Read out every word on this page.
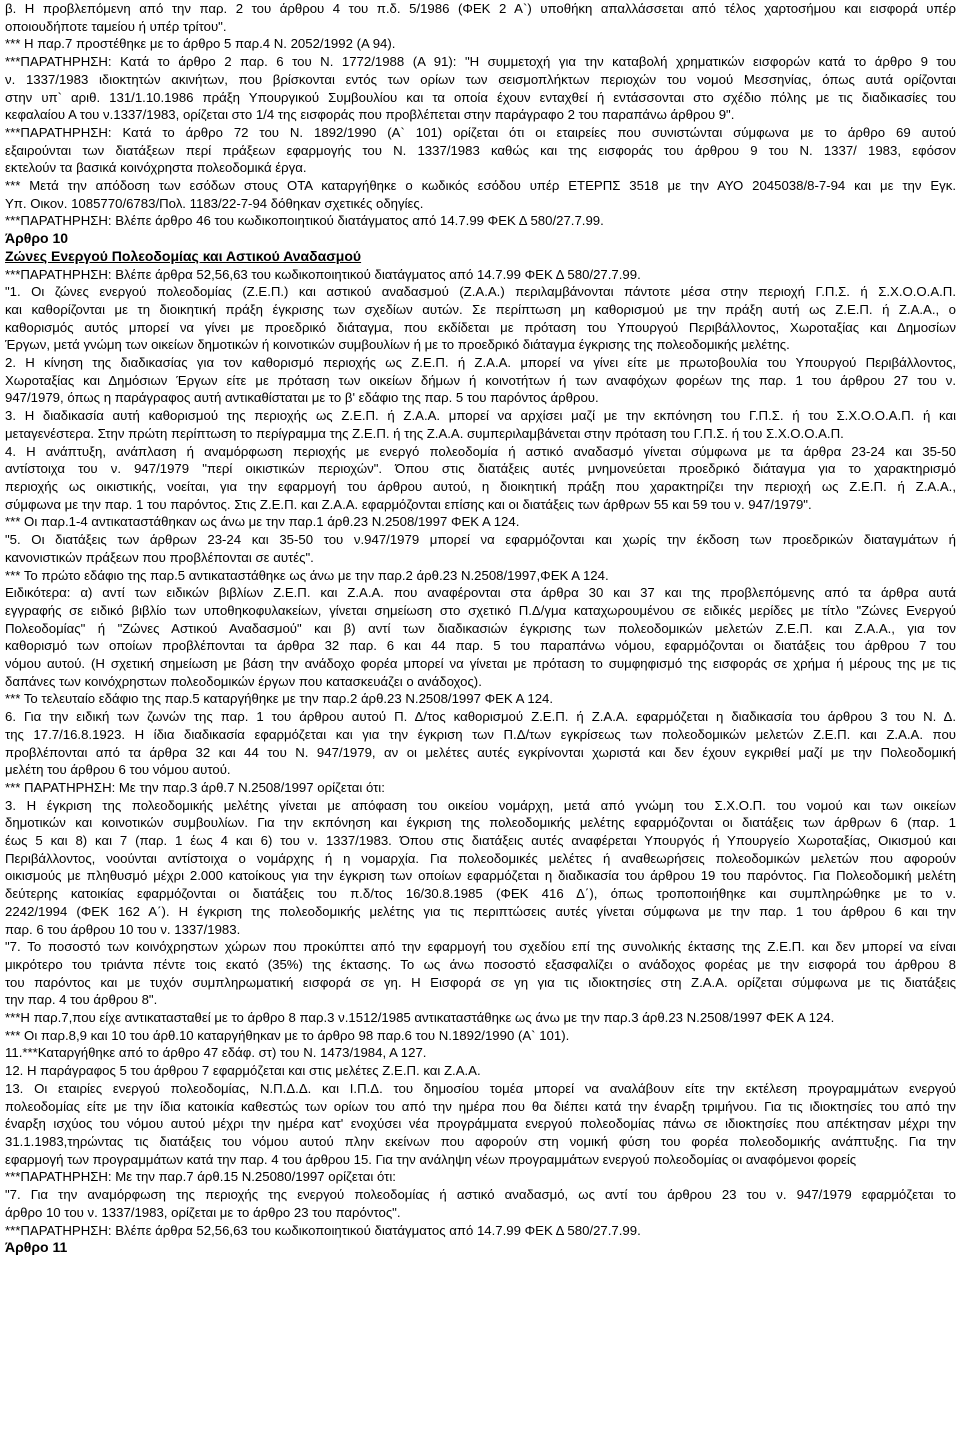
β. Η προβλεπόμενη από την παρ. 2 του άρθρου 4 του π.δ. 5/1986 (ΦΕΚ 2 Α`) υποθήκη απαλλάσσεται από τέλος χαρτοσήμου και εισφορά υπέρ
οποιουδήποτε ταμείου ή υπέρ τρίτου".
*** Η παρ.7 προστέθηκε με το άρθρο 5 παρ.4 Ν. 2052/1992 (Α 94).
***ΠΑΡΑΤΗΡΗΣΗ: Κατά το άρθρο 2 παρ. 6 του Ν. 1772/1988 (Α 91): "Η συμμετοχή για την καταβολή χρηματικών εισφορών κατά το άρθρο 9 του
ν. 1337/1983 ιδιοκτητών ακινήτων, που βρίσκονται εντός των ορίων των σεισμοπλήκτων περιοχών του νομού Μεσσηνίας, όπως αυτά ορίζονται
στην υπ` αριθ. 131/1.10.1986 πράξη Υπουργικού Συμβουλίου και τα οποία έχουν ενταχθεί ή εντάσσονται στο σχέδιο πόλης με τις διαδικασίες του
κεφαλαίου Α του ν.1337/1983, ορίζεται στο 1/4 της εισφοράς που προβλέπεται στην παράγραφο 2 του παραπάνω άρθρου 9".
***ΠΑΡΑΤΗΡΗΣΗ: Κατά το άρθρο 72 του Ν. 1892/1990 (Α` 101) ορίζεται ότι οι εταιρείες που συνιστώνται σύμφωνα με το άρθρο 69 αυτού
εξαιρούνται των διατάξεων περί πράξεων εφαρμογής του Ν. 1337/1983 καθώς και της εισφοράς του άρθρου 9 του Ν. 1337/ 1983, εφόσον
εκτελούν τα βασικά κοινόχρηστα πολεοδομικά έργα.
*** Μετά την απόδοση των εσόδων στους ΟΤΑ καταργήθηκε ο κωδικός εσόδου υπέρ ΕΤΕΡΠΣ 3518 με την ΑΥΟ 2045038/8-7-94 και με την Εγκ.
Υπ. Οικον. 1085770/6783/Πολ. 1183/22-7-94 δόθηκαν σχετικές οδηγίες.
***ΠΑΡΑΤΗΡΗΣΗ: Βλέπε άρθρο 46 του κωδικοποιητικού διατάγματος από 14.7.99 ΦΕΚ Δ 580/27.7.99.
Άρθρο 10
Ζώνες Ενεργού Πολεοδομίας και Αστικού Αναδασμού
***ΠΑΡΑΤΗΡΗΣΗ: Βλέπε άρθρα 52,56,63 του κωδικοποιητικού διατάγματος από 14.7.99 ΦΕΚ Δ 580/27.7.99.
"1. Οι ζώνες ενεργού πολεοδομίας (Ζ.Ε.Π.) και αστικού αναδασμού (Ζ.Α.Α.) περιλαμβάνονται πάντοτε μέσα στην περιοχή Γ.Π.Σ. ή Σ.Χ.Ο.Ο.Α.Π.
και καθορίζονται με τη διοικητική πράξη έγκρισης των σχεδίων αυτών. Σε περίπτωση μη καθορισμού με την πράξη αυτή ως Ζ.Ε.Π. ή Ζ.Α.Α., ο
καθορισμός αυτός μπορεί να γίνει με προεδρικό διάταγμα, που εκδίδεται με πρόταση του Υπουργού Περιβάλλοντος, Χωροταξίας και Δημοσίων
Έργων, μετά γνώμη των οικείων δημοτικών ή κοινοτικών συμβουλίων ή με το προεδρικό διάταγμα έγκρισης της πολεοδομικής μελέτης.
2. Η κίνηση της διαδικασίας για τον καθορισμό περιοχής ως Ζ.Ε.Π. ή Ζ.Α.Α. μπορεί να γίνει είτε με πρωτοβουλία του Υπουργού Περιβάλλοντος,
Χωροταξίας και Δημόσιων Έργων είτε με πρόταση των οικείων δήμων ή κοινοτήτων ή των αναφόχων φορέων της παρ. 1 του άρθρου 27 του ν.
947/1979, όπως η παράγραφος αυτή αντικαθίσταται με το β' εδάφιο της παρ. 5 του παρόντος άρθρου.
3. Η διαδικασία αυτή καθορισμού της περιοχής ως Ζ.Ε.Π. ή Ζ.Α.Α. μπορεί να αρχίσει μαζί με την εκπόνηση του Γ.Π.Σ. ή του Σ.Χ.Ο.Ο.Α.Π. ή και
μεταγενέστερα. Στην πρώτη περίπτωση το περίγραμμα της Ζ.Ε.Π. ή της Ζ.Α.Α. συμπεριλαμβάνεται στην πρόταση του Γ.Π.Σ. ή του Σ.Χ.Ο.Ο.Α.Π.
4. Η ανάπτυξη, ανάπλαση ή αναμόρφωση περιοχής με ενεργό πολεοδομία ή αστικό αναδασμό γίνεται σύμφωνα με τα άρθρα 23-24 και 35-50
αντίστοιχα του ν. 947/1979 "περί οικιστικών περιοχών". Όπου στις διατάξεις αυτές μνημονεύεται προεδρικό διάταγμα για το χαρακτηρισμό
περιοχής ως οικιστικής, νοείται, για την εφαρμογή του άρθρου αυτού, η διοικητική πράξη που χαρακτηρίζει την περιοχή ως Ζ.Ε.Π. ή Ζ.Α.Α.,
σύμφωνα με την παρ. 1 του παρόντος. Στις Ζ.Ε.Π. και Ζ.Α.Α. εφαρμόζονται επίσης και οι διατάξεις των άρθρων 55 και 59 του ν. 947/1979".
*** Οι παρ.1-4 αντικαταστάθηκαν ως άνω με την παρ.1 άρθ.23 Ν.2508/1997 ΦΕΚ Α 124.
"5. Οι διατάξεις των άρθρων 23-24 και 35-50 του ν.947/1979 μπορεί να εφαρμόζονται και χωρίς την έκδοση των προεδρικών διαταγμάτων ή
κανονιστικών πράξεων που προβλέπονται σε αυτές".
*** Το πρώτο εδάφιο της παρ.5 αντικαταστάθηκε ως άνω με την παρ.2 άρθ.23 Ν.2508/1997,ΦΕΚ Α 124.
Ειδικότερα: α) αντί των ειδικών βιβλίων Ζ.Ε.Π. και Ζ.Α.Α. που αναφέρονται στα άρθρα 30 και 37 και της προβλεπόμενης από τα άρθρα αυτά
εγγραφής σε ειδικό βιβλίο των υποθηκοφυλακείων, γίνεται σημείωση στο σχετικό Π.Δ/γμα καταχωρουμένου σε ειδικές μερίδες με τίτλο "Ζώνες Ενεργού
Πολεοδομίας" ή "Ζώνες Αστικού Αναδασμού" και β) αντί των διαδικασιών έγκρισης των πολεοδομικών μελετών Ζ.Ε.Π. και Ζ.Α.Α., για τον
καθορισμό των οποίων προβλέπονται τα άρθρα 32 παρ. 6 και 44 παρ. 5 του παραπάνω νόμου, εφαρμόζονται οι διατάξεις του άρθρου 7 του
νόμου αυτού. (Η σχετική σημείωση με βάση την ανάδοχο φορέα μπορεί να γίνεται με πρόταση το συμφηφισμό της εισφοράς σε χρήμα ή μέρους της με τις
δαπάνες των κοινόχρηστων πολεοδομικών έργων που κατασκευάζει ο ανάδοχος).
*** Το τελευταίο εδάφιο της παρ.5 καταργήθηκε με την παρ.2 άρθ.23 Ν.2508/1997 ΦΕΚ Α 124.
6. Για την ειδική των ζωνών της παρ. 1 του άρθρου αυτού Π. Δ/τος καθορισμού Ζ.Ε.Π. ή Ζ.Α.Α. εφαρμόζεται η διαδικασία του άρθρου 3 του Ν. Δ.
της 17.7/16.8.1923. Η ίδια διαδικασία εφαρμόζεται και για την έγκριση των Π.Δ/των εγκρίσεως των πολεοδομικών μελετών Ζ.Ε.Π. και Ζ.Α.Α. που
προβλέπονται από τα άρθρα 32 και 44 του Ν. 947/1979, αν οι μελέτες αυτές εγκρίνονται χωριστά και δεν έχουν εγκριθεί μαζί με την Πολεοδομική
μελέτη του άρθρου 6 του νόμου αυτού.
*** ΠΑΡΑΤΗΡΗΣΗ: Με την παρ.3 άρθ.7 Ν.2508/1997 ορίζεται ότι:
3. Η έγκριση της πολεοδομικής μελέτης γίνεται με απόφαση του οικείου νομάρχη, μετά από γνώμη του Σ.Χ.Ο.Π. του νομού και των οικείων
δημοτικών και κοινοτικών συμβουλίων. Για την εκπόνηση και έγκριση της πολεοδομικής μελέτης εφαρμόζονται οι διατάξεις των άρθρων 6 (παρ. 1
έως 5 και 8) και 7 (παρ. 1 έως 4 και 6) του ν. 1337/1983. Όπου στις διατάξεις αυτές αναφέρεται Υπουργός ή Υπουργείο Χωροταξίας, Οικισμού και
Περιβάλλοντος, νοούνται αντίστοιχα ο νομάρχης ή η νομαρχία. Για πολεοδομικές μελέτες ή αναθεωρήσεις πολεοδομικών μελετών που αφορούν
οικισμούς με πληθυσμό μέχρι 2.000 κατοίκους για την έγκριση των οποίων εφαρμόζεται η διαδικασία του άρθρου 19 του παρόντος. Για Πολεοδομική μελέτη
δεύτερης κατοικίας εφαρμόζονται οι διατάξεις του π.δ/τος 16/30.8.1985 (ΦΕΚ 416 Δ΄), όπως τροποποιήθηκε και συμπληρώθηκε με το ν.
2242/1994 (ΦΕΚ 162 Α΄). Η έγκριση της πολεοδομικής μελέτης για τις περιπτώσεις αυτές γίνεται σύμφωνα με την παρ. 1 του άρθρου 6 και την
παρ. 6 του άρθρου 10 του ν. 1337/1983.
"7. Το ποσοστό των κοινόχρηστων χώρων που προκύπτει από την εφαρμογή του σχεδίου επί της συνολικής έκτασης της Ζ.Ε.Π. και δεν μπορεί να είναι
μικρότερο του τριάντα πέντε τοις εκατό (35%) της έκτασης. Το ως άνω ποσοστό εξασφαλίζει ο ανάδοχος φορέας με την εισφορά του άρθρου 8
του παρόντος και με τυχόν συμπληρωματική εισφορά σε γη. Η Εισφορά σε γη για τις ιδιοκτησίες στη Ζ.Α.Α. ορίζεται σύμφωνα με τις διατάξεις
την παρ. 4 του άρθρου 8".
***Η παρ.7,που είχε αντικατασταθεί με το άρθρο 8 παρ.3 ν.1512/1985 αντικαταστάθηκε ως άνω με την παρ.3 άρθ.23 Ν.2508/1997 ΦΕΚ Α 124.
*** Οι παρ.8,9 και 10 του άρθ.10 καταργήθηκαν με το άρθρο 98 παρ.6 του Ν.1892/1990 (Α` 101).
11.***Καταργήθηκε από το άρθρο 47 εδάφ. στ) του Ν. 1473/1984, Α 127.
12. Η παράγραφος 5 του άρθρου 7 εφαρμόζεται και στις μελέτες Ζ.Ε.Π. και Ζ.Α.Α.
13. Οι εταιρίες ενεργού πολεοδομίας, Ν.Π.Δ.Δ. και Ι.Π.Δ. του δημοσίου τομέα μπορεί να αναλάβουν είτε την εκτέλεση προγραμμάτων ενεργού
πολεοδομίας είτε με την ίδια κατοικία καθεστώς των ορίων του από την ημέρα που θα διέπει κατά την έναρξη τριμήνου. Για τις ιδιοκτησίες του από την
έναρξη ισχύος του νόμου αυτού μέχρι την ημέρα κατ' ενοχύσει νέα προγράμματα ενεργού πολεοδομίας πάνω σε ιδιοκτησίες που απέκτησαν μέχρι την
31.1.1983,τηρώντας τις διατάξεις του νόμου αυτού πλην εκείνων που αφορούν στη νομική φύση του φορέα πολεοδομικής ανάπτυξης. Για την
εφαρμογή των προγραμμάτων κατά την παρ. 4 του άρθρου 15. Για την ανάληψη νέων προγραμμάτων ενεργού πολεοδομίας οι αναφόμενοι φορείς
***ΠΑΡΑΤΗΡΗΣΗ: Με την παρ.7 άρθ.15 Ν.25080/1997 ορίζεται ότι:
"7. Για την αναμόρφωση της περιοχής της ενεργού πολεοδομίας ή αστικό αναδασμό, ως αντί του άρθρου 23 του ν. 947/1979 εφαρμόζεται το
άρθρο 10 του ν. 1337/1983, ορίζεται με το άρθρο 23 του παρόντος".
***ΠΑΡΑΤΗΡΗΣΗ: Βλέπε άρθρα 52,56,63 του κωδικοποιητικού διατάγματος από 14.7.99 ΦΕΚ Δ 580/27.7.99.
Άρθρο 11
